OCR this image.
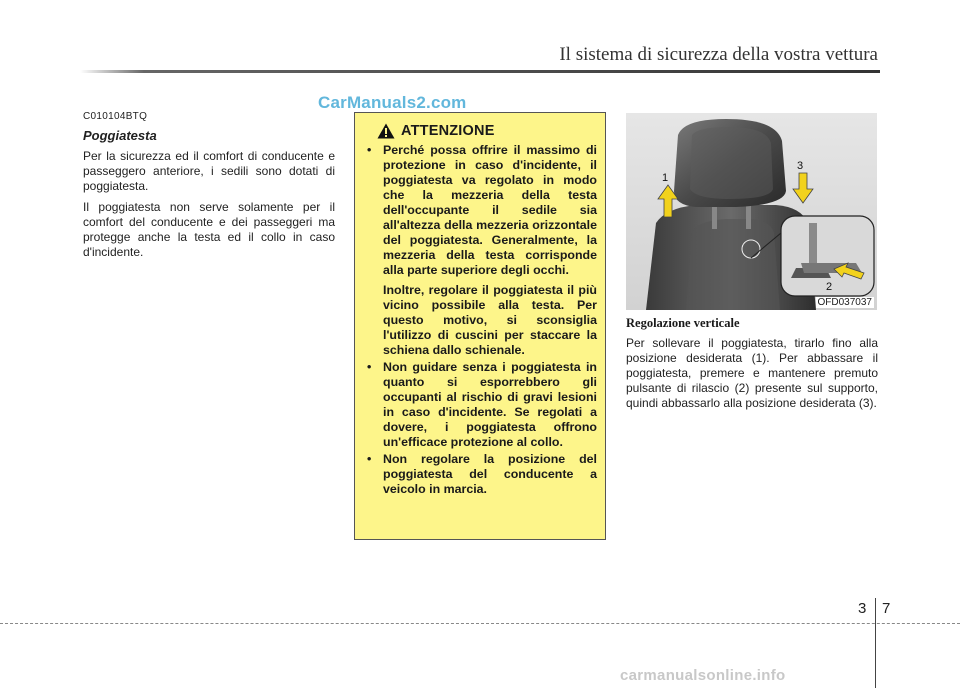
Il sistema di sicurezza della vostra vettura
CarManuals2.com
C010104BTQ
Poggiatesta

Per la sicurezza ed il comfort di conducente e passeggero anteriore, i sedili sono dotati di poggiatesta.

Il poggiatesta non serve solamente per il comfort del conducente e dei passeggeri ma protegge anche la testa ed il collo in caso d'incidente.

ATTENZIONE

• Perché possa offrire il massimo di protezione in caso d'incidente, il poggiatesta va regolato in modo che la mezzeria della testa dell'occupante il sedile sia all'altezza della mezzeria orizzontale del poggiatesta. Generalmente, la mezzeria della testa corrisponde alla parte superiore degli occhi.

Inoltre, regolare il poggiatesta il più vicino possibile alla testa. Per questo motivo, si sconsiglia l'utilizzo di cuscini per staccare la schiena dallo schienale.

• Non guidare senza i poggiatesta in quanto si esporrebbero gli occupanti al rischio di gravi lesioni in caso d'incidente. Se regolati a dovere, i poggiatesta offrono un'efficace protezione al collo.

• Non regolare la posizione del poggiatesta del conducente a veicolo in marcia.

1
3
2
OFD037037
Regolazione verticale

Per sollevare il poggiatesta, tirarlo fino alla posizione desiderata (1). Per abbassare il poggiatesta, premere e mantenere premuto pulsante di rilascio (2) presente sul supporto, quindi abbassarlo alla posizione desiderata (3).

3 7
carmanualsonline.info
